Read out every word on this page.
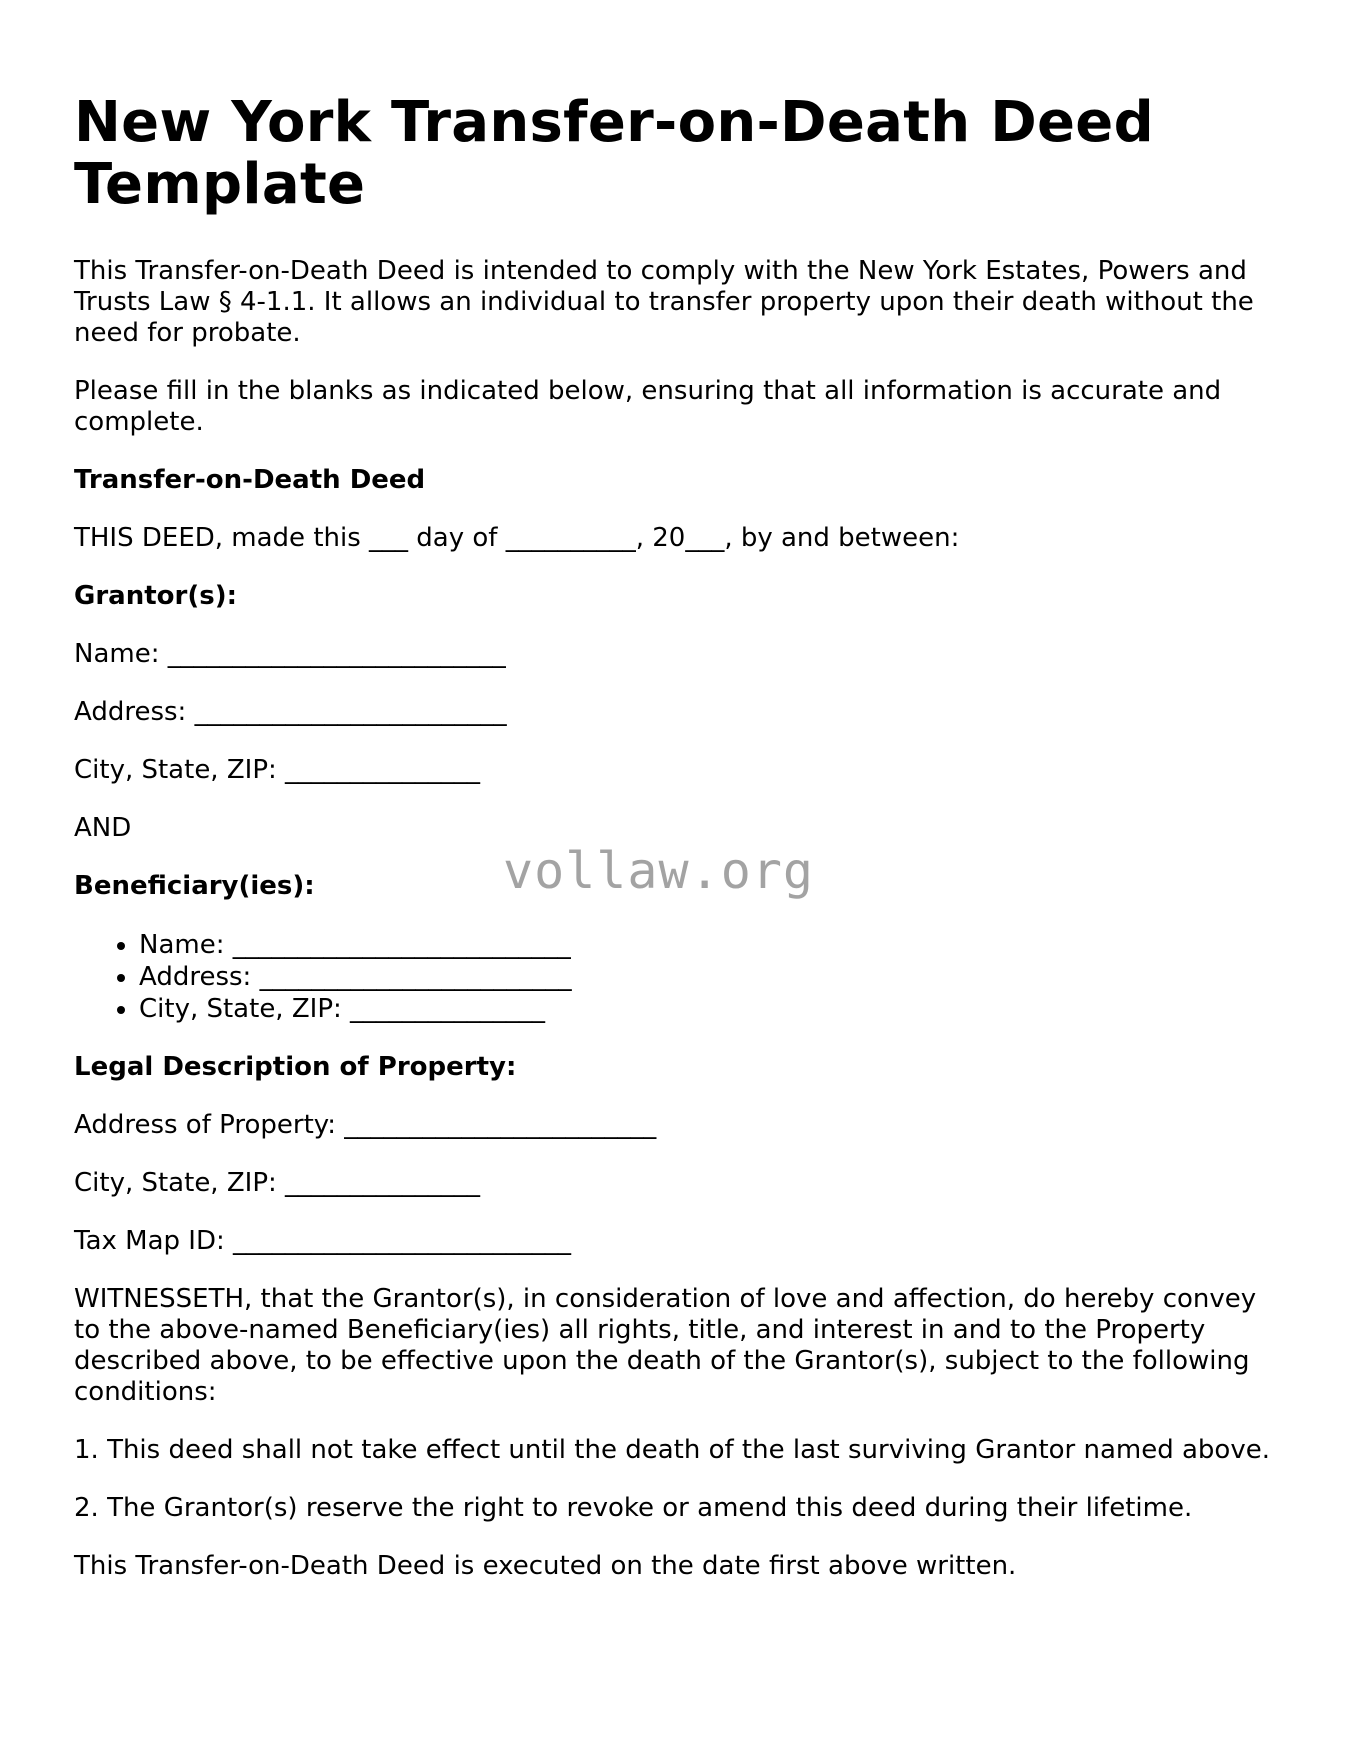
New York Transfer-on-Death Deed Template

This Transfer-on-Death Deed is intended to comply with the New York Estates, Powers and Trusts Law § 4-1.1. It allows an individual to transfer property upon their death without the need for probate.

Please fill in the blanks as indicated below, ensuring that all information is accurate and complete.

Transfer-on-Death Deed

THIS DEED, made this ___ day of __________, 20___, by and between:

Grantor(s):

Name: __________________________

Address: ________________________

City, State, ZIP: _______________

AND

Beneficiary(ies):

• Name: __________________________
• Address: ________________________
• City, State, ZIP: _______________

Legal Description of Property:

Address of Property: ________________________

City, State, ZIP: _______________

Tax Map ID: __________________________

WITNESSETH, that the Grantor(s), in consideration of love and affection, do hereby convey to the above-named Beneficiary(ies) all rights, title, and interest in and to the Property described above, to be effective upon the death of the Grantor(s), subject to the following conditions:

1. This deed shall not take effect until the death of the last surviving Grantor named above.

2. The Grantor(s) reserve the right to revoke or amend this deed during their lifetime.

This Transfer-on-Death Deed is executed on the date first above written.

vollaw.org
